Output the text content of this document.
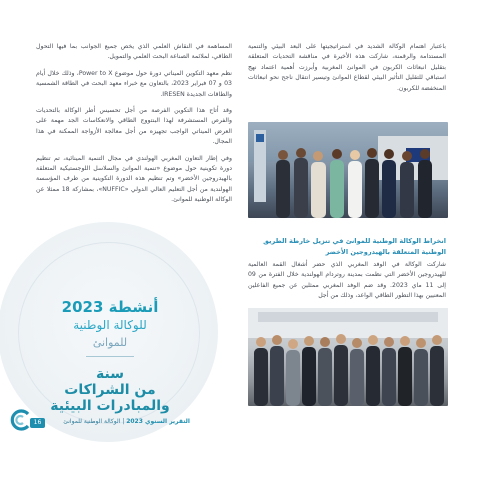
باعتبار اهتمام الوكالة الشديد في استراتيجيتها على البعد البيئي والتنمية المستدامة والرقمنة، شاركت هذه الأخيرة في مناقشة التحديات المتعلقة بتقليل انبعاثات الكربون في الموانئ المغربية وأبرزت أهمية اعتماد نهج استباقي للتقليل التأثير البيئي لقطاع الموانئ وتيسير انتقال ناجح نحو انبعاثات المنخفضة للكربون.

انخراط الوكالة الوطنية للموانئ في تنزيل خارطة الطريق الوطنية المتعلقة بالهيدروجين الأخضر
شاركت الوكالة في الوفد المغربي الذي حضر أشغال القمة العالمية للهيدروجين الأخضر التي نظمت بمدينة روتردام الهولندية خلال الفترة من 09 إلى 11 ماي 2023. وقد ضم الوفد المغربي ممثلين عن جميع الفاعلين المعنيين بهذا التطور الطاقي الواعد، وذلك من أجل

المساهمة في النقاش العلمي الذي يخص جميع الجوانب بما فيها التحول الطاقي، لملائمة الصناعة البحث العلمي والتمويل.

نظم معهد التكوين الميناتي دورة حول موضوع Power to X، وذلك خلال أيام 03 و 07 فبراير 2023، بالتعاون مع خبراء معهد البحث في الطاقة الشمسية والطاقات الجديدة IRESEN.

وقد أتاح هذا التكوين الفرصة من أجل تحسيس أطر الوكالة بالتحديات والفرص المستشرفة لهذا البنتووج الطاقي والانعكاسات الجد مهمة على العرض الميناتي الواجب تجهيزه من أجل معالجة الأزواجة الممكنة في هذا المجال.

وفي إطار التعاون المغربي الهولندي في مجال التنمية المينائية، تم تنظيم دورة تكوينية حول موضوع «تنمية الموانئ والسلاسل اللوجستيكية المتعلقة بالهيدروجين الأخضر» وتم تنظيم هذه الدورة التكوينية من طرف المؤسسة الهولندية من أجل التعليم العالي الدولي «NUFFIC»، بمشاركة 18 ممثلا عن الوكالة الوطنية للموانئ.

أنشطة 2023
للوكالة الوطنية
للموانئ
سنة
من الشراكات
والمبادرات البيئية
التقرير السنوي 2023 | الوكالة الوطنية للموانئ
16
